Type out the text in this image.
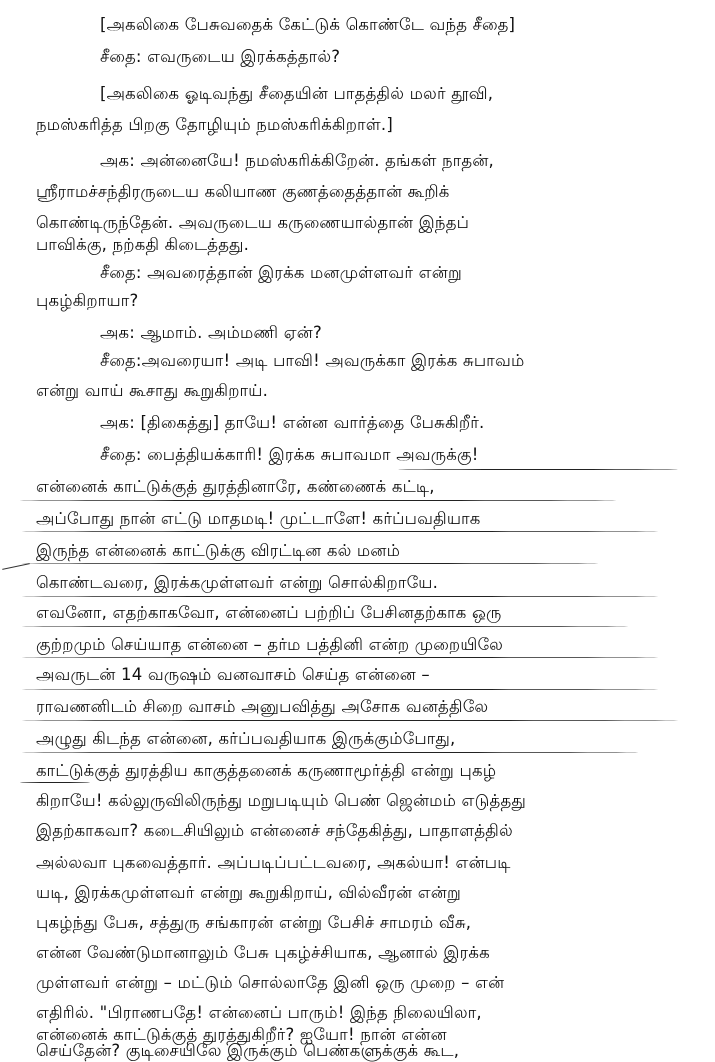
[அகலிகை பேசுவதைக் கேட்டுக் கொண்டே வந்த சீதை]
சீதை: எவருடைய இரக்கத்தால்?
[அகலிகை ஓடிவந்து சீதையின் பாதத்தில் மலர் தூவி,
நமஸ்கரித்த பிறகு தோழியும் நமஸ்கரிக்கிறாள்.]
அக: அன்னையே! நமஸ்கரிக்கிறேன். தங்கள் நாதன்,
ஸ்ரீராமச்சந்திரருடைய கலியாண குணத்தைத்தான் கூறிக்
கொண்டிருந்தேன். அவருடைய கருணையால்தான் இந்தப்
பாவிக்கு, நற்கதி கிடைத்தது.
சீதை: அவரைத்தான் இரக்க மனமுள்ளவர் என்று
புகழ்கிறாயா?
அக: ஆமாம். அம்மணி ஏன்?
சீதை:அவரையா! அடி பாவி! அவருக்கா இரக்க சுபாவம்
என்று வாய் கூசாது கூறுகிறாய்.
அக: [திகைத்து] தாயே! என்ன வார்த்தை பேசுகிறீர்.
சீதை: பைத்தியக்காரி! இரக்க சுபாவமா அவருக்கு!
என்னைக் காட்டுக்குத் துரத்தினாரே, கண்ணைக் கட்டி,
அப்போது நான் எட்டு மாதமடி! முட்டாளே! கர்ப்பவதியாக
இருந்த என்னைக் காட்டுக்கு விரட்டின கல் மனம்
கொண்டவரை, இரக்கமுள்ளவர் என்று சொல்கிறாயே.
எவனோ, எதற்காகவோ, என்னைப் பற்றிப் பேசினதற்காக ஒரு
குற்றமும் செய்யாத என்னை – தர்ம பத்தினி என்ற முறையிலே
அவருடன் 14 வருஷம் வனவாசம் செய்த என்னை –
ராவணனிடம் சிறை வாசம் அனுபவித்து அசோக வனத்திலே
அழுது கிடந்த என்னை, கர்ப்பவதியாக இருக்கும்போது,
காட்டுக்குத் துரத்திய காகுத்தனைக் கருணாமூர்த்தி என்று புகழ்
கிறாயே! கல்லுருவிலிருந்து மறுபடியும் பெண் ஜென்மம் எடுத்தது
இதற்காகவா? கடைசியிலும் என்னைச் சந்தேகித்து, பாதாளத்தில்
அல்லவா புகவைத்தார். அப்படிப்பட்டவரை, அகல்யா! என்படி
யடி, இரக்கமுள்ளவர் என்று கூறுகிறாய், வில்வீரன் என்று
புகழ்ந்து பேசு, சத்துரு சங்காரன் என்று பேசிச் சாமரம் வீசு,
என்ன வேண்டுமானாலும் பேசு புகழ்ச்சியாக, ஆனால் இரக்க
முள்ளவர் என்று – மட்டும் சொல்லாதே இனி ஒரு முறை – என்
எதிரில். "பிராணபதே! என்னைப் பாரும்! இந்த நிலையிலா,
என்னைக் காட்டுக்குத் துரத்துகிறீர்? ஐயோ! நான் என்ன
செய்தேன்? குடிசையிலே இருக்கும் பெண்களுக்குக் கூட,
